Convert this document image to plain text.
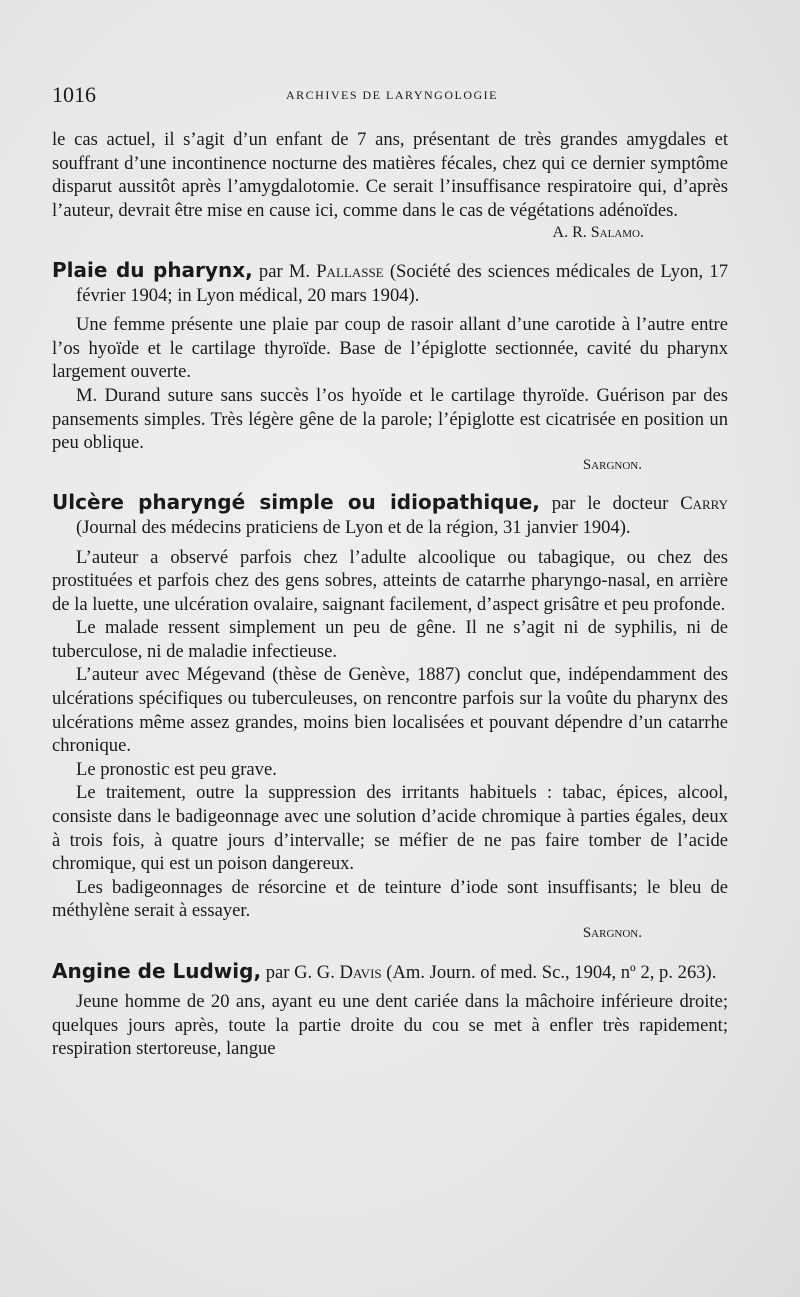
1016	ARCHIVES DE LARYNGOLOGIE

le cas actuel, il s’agit d’un enfant de 7 ans, présentant de très grandes amygdales et souffrant d’une incontinence nocturne des matières fécales, chez qui ce dernier symptôme disparut aussitôt après l’amygdalotomie. Ce serait l’insuffisance respiratoire qui, d’après l’auteur, devrait être mise en cause ici, comme dans le cas de végétations adénoïdes.

A. R. Salamo.
Plaie du pharynx, par M. Pallasse (Société des sciences médicales de Lyon, 17 février 1904; in Lyon médical, 20 mars 1904).

Une femme présente une plaie par coup de rasoir allant d’une carotide à l’autre entre l’os hyoïde et le cartilage thyroïde. Base de l’épiglotte sectionnée, cavité du pharynx largement ouverte.

M. Durand suture sans succès l’os hyoïde et le cartilage thyroïde. Guérison par des pansements simples. Très légère gêne de la parole; l’épiglotte est cicatrisée en position un peu oblique.

Sargnon.
Ulcère pharyngé simple ou idiopathique, par le docteur Carry (Journal des médecins praticiens de Lyon et de la région, 31 janvier 1904).

L’auteur a observé parfois chez l’adulte alcoolique ou tabagique, ou chez des prostituées et parfois chez des gens sobres, atteints de catarrhe pharyngo-nasal, en arrière de la luette, une ulcération ovalaire, saignant facilement, d’aspect grisâtre et peu profonde.

Le malade ressent simplement un peu de gêne. Il ne s’agit ni de syphilis, ni de tuberculose, ni de maladie infectieuse.

L’auteur avec Mégevand (thèse de Genève, 1887) conclut que, indépendamment des ulcérations spécifiques ou tuberculeuses, on rencontre parfois sur la voûte du pharynx des ulcérations même assez grandes, moins bien localisées et pouvant dépendre d’un catarrhe chronique.

Le pronostic est peu grave.

Le traitement, outre la suppression des irritants habituels : tabac, épices, alcool, consiste dans le badigeonnage avec une solution d’acide chromique à parties égales, deux à trois fois, à quatre jours d’intervalle; se méfier de ne pas faire tomber de l’acide chromique, qui est un poison dangereux.

Les badigeonnages de résorcine et de teinture d’iode sont insuffisants; le bleu de méthylène serait à essayer.

Sargnon.
Angine de Ludwig, par G. G. Davis (Am. Journ. of med. Sc., 1904, nº 2, p. 263).

Jeune homme de 20 ans, ayant eu une dent cariée dans la mâchoire inférieure droite; quelques jours après, toute la partie droite du cou se met à enfler très rapidement; respiration stertoreuse, langue
